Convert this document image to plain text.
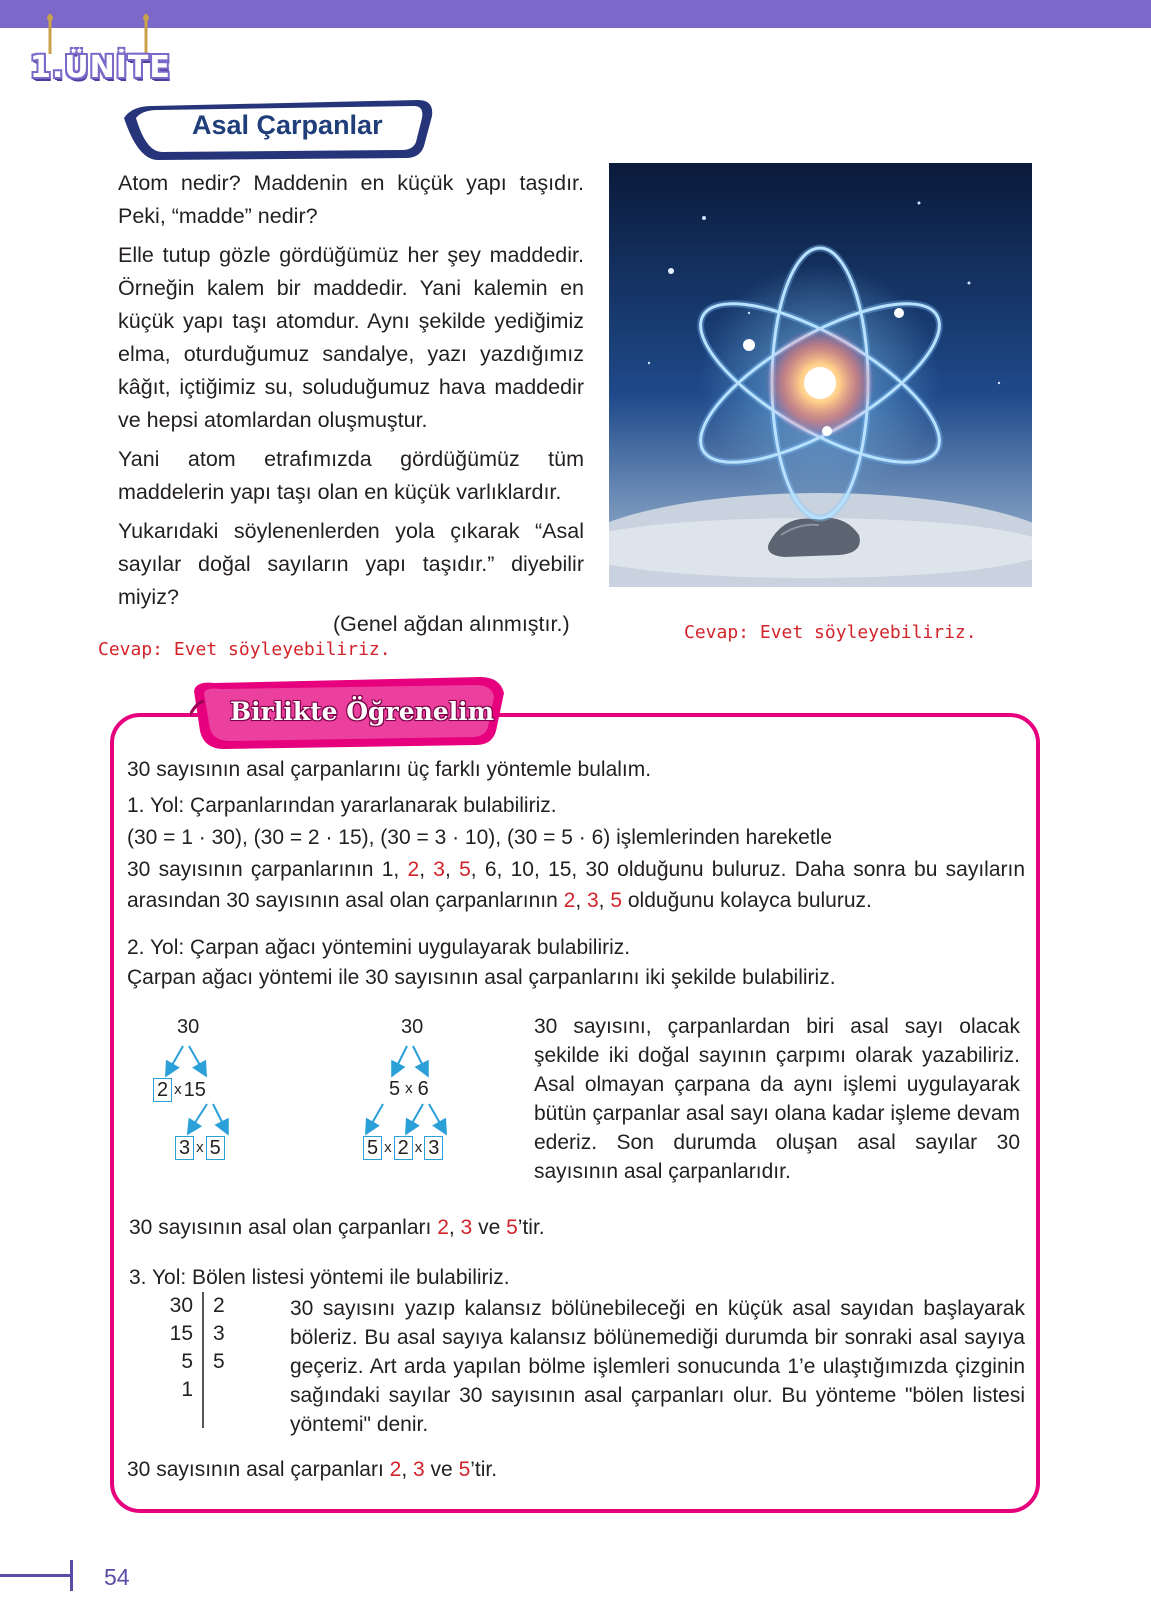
1.ÜNİTE
Asal Çarpanlar

Atom nedir? Maddenin en küçük yapı taşıdır. Peki, “madde” nedir?

Elle tutup gözle gördüğümüz her şey maddedir. Örneğin kalem bir maddedir. Yani kalemin en küçük yapı taşı atomdur. Aynı şekilde yediğimiz elma, oturduğumuz sandalye, yazı yazdığımız kâğıt, içtiğimiz su, soluduğumuz hava maddedir ve hepsi atomlardan oluşmuştur.

Yani atom etrafımızda gördüğümüz tüm maddelerin yapı taşı olan en küçük varlıklardır.

Yukarıdaki söylenenlerden yola çıkarak “Asal sayılar doğal sayıların yapı taşıdır.” diyebilir miyiz?

(Genel ağdan alınmıştır.)
Cevap: Evet söyleyebiliriz.
Cevap: Evet söyleyebiliriz.
Birlikte Öğrenelim
30 sayısının asal çarpanlarını üç farklı yöntemle bulalım.
1. Yol: Çarpanlarından yararlanarak bulabiliriz.
(30 = 1 · 30), (30 = 2 · 15), (30 = 3 · 10), (30 = 5 · 6) işlemlerinden hareketle
30 sayısının çarpanlarının 1, 2, 3, 5, 6, 10, 15, 30 olduğunu buluruz. Daha sonra bu sayıların arasından 30 sayısının asal olan çarpanlarının 2, 3, 5 olduğunu kolayca buluruz.
2. Yol: Çarpan ağacı yöntemini uygulayarak bulabiliriz.
Çarpan ağacı yöntemi ile 30 sayısının asal çarpanlarını iki şekilde bulabiliriz.
30
2 x 15
3 x 5
30
5 x 6
5 x 2 x 3
30 sayısını, çarpanlardan biri asal sayı olacak şekilde iki doğal sayının çarpımı olarak yazabiliriz. Asal olmayan çarpana da aynı işlemi uygulayarak bütün çarpanlar asal sayı olana kadar işleme devam ederiz. Son durumda oluşan asal sayılar 30 sayısının asal çarpanlarıdır.
30 sayısının asal olan çarpanları 2, 3 ve 5’tir.
3. Yol: Bölen listesi yöntemi ile bulabiliriz.
30
15
5
1
2
3
5
30 sayısını yazıp kalansız bölünebileceği en küçük asal sayıdan başlayarak böleriz. Bu asal sayıya kalansız bölünemediği durumda bir sonraki asal sayıya geçeriz. Art arda yapılan bölme işlemleri sonucunda 1’e ulaştığımızda çizginin sağındaki sayılar 30 sayısının asal çarpanları olur. Bu yönteme "bölen listesi yöntemi" denir.
30 sayısının asal çarpanları 2, 3 ve 5’tir.
54
